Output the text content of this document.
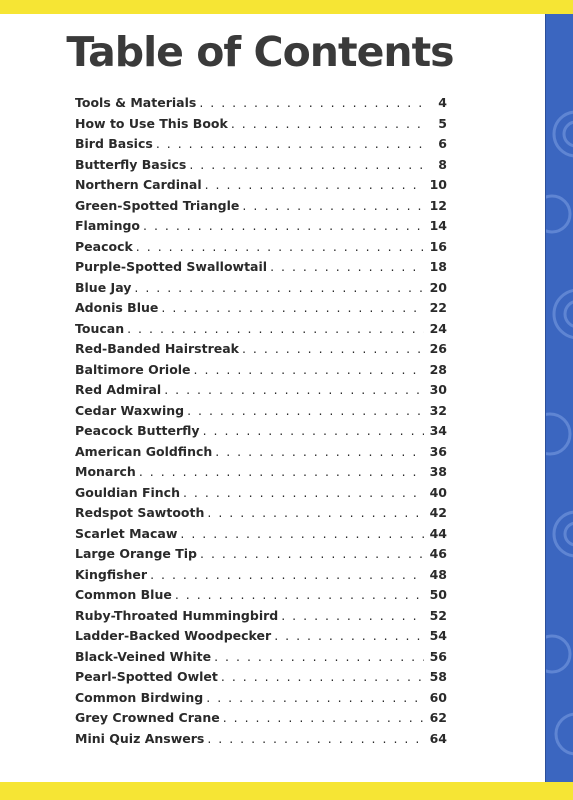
Table of Contents
Tools & Materials . . .	4
How to Use This Book . . .	5
Bird Basics . . .	6
Butterfly Basics . . .	8
Northern Cardinal . . .	10
Green-Spotted Triangle . . .	12
Flamingo . . .	14
Peacock . . .	16
Purple-Spotted Swallowtail . . .	18
Blue Jay . . .	20
Adonis Blue . . .	22
Toucan . . .	24
Red-Banded Hairstreak . . .	26
Baltimore Oriole . . .	28
Red Admiral . . .	30
Cedar Waxwing . . .	32
Peacock Butterfly . . .	34
American Goldfinch . . .	36
Monarch . . .	38
Gouldian Finch . . .	40
Redspot Sawtooth . . .	42
Scarlet Macaw . . .	44
Large Orange Tip . . .	46
Kingfisher . . .	48
Common Blue . . .	50
Ruby-Throated Hummingbird . . .	52
Ladder-Backed Woodpecker . . .	54
Black-Veined White . . .	56
Pearl-Spotted Owlet . . .	58
Common Birdwing . . .	60
Grey Crowned Crane . . .	62
Mini Quiz Answers . . .	64
